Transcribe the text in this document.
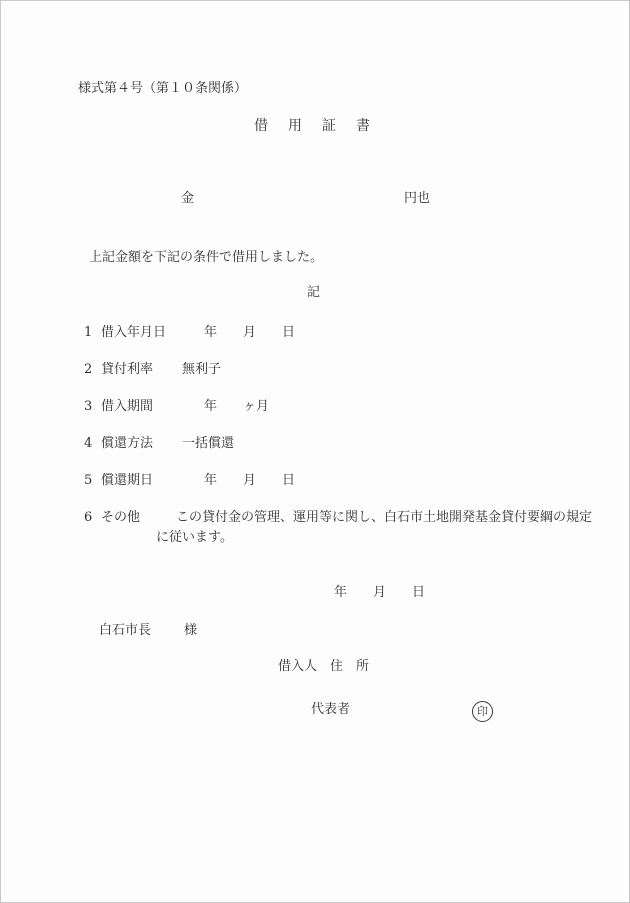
様式第４号（第１０条関係）
借　用　証　書
金	円也
上記金額を下記の条件で借用しました。
記
1 借入年月日	年　　月　　日
2 貸付利率 無利子
3 借入期間	年　　ヶ月
4 償還方法 一括償還
5 償還期日	年　　月　　日
6 その他	この貸付金の管理、運用等に関し、白石市土地開発基金貸付要綱の規定
に従います。
年　　月　　日
白石市長	様
借入人　住　所
代表者	印
